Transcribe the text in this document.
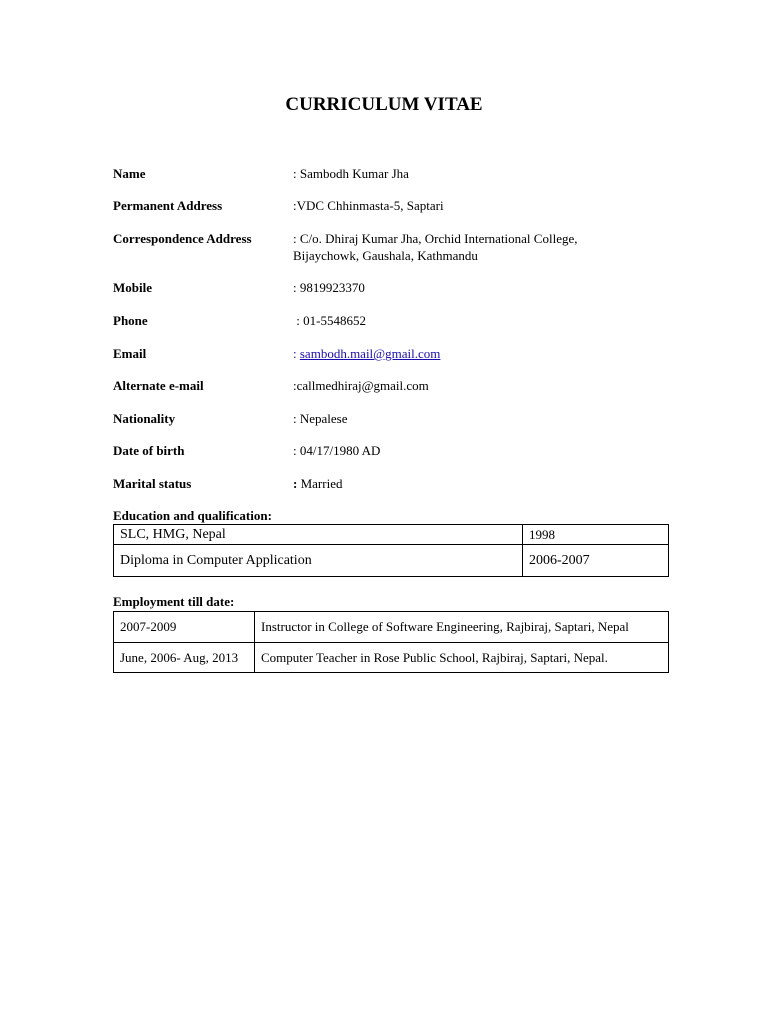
CURRICULUM VITAE
Name	: Sambodh Kumar Jha
Permanent Address	:VDC Chhinmasta-5, Saptari
Correspondence Address	: C/o. Dhiraj Kumar Jha, Orchid International College,
Bijaychowk, Gaushala, Kathmandu
Mobile	: 9819923370
Phone	: 01-5548652
Email	: sambodh.mail@gmail.com
Alternate e-mail	:callmedhiraj@gmail.com
Nationality	: Nepalese
Date of birth	: 04/17/1980 AD
Marital status	: Married
Education and qualification:
SLC, HMG, Nepal	1998
Diploma in Computer Application	2006-2007
Employment till date:
2007-2009	Instructor in College of Software Engineering, Rajbiraj, Saptari, Nepal
June, 2006- Aug, 2013	Computer Teacher in Rose Public School, Rajbiraj, Saptari, Nepal.
